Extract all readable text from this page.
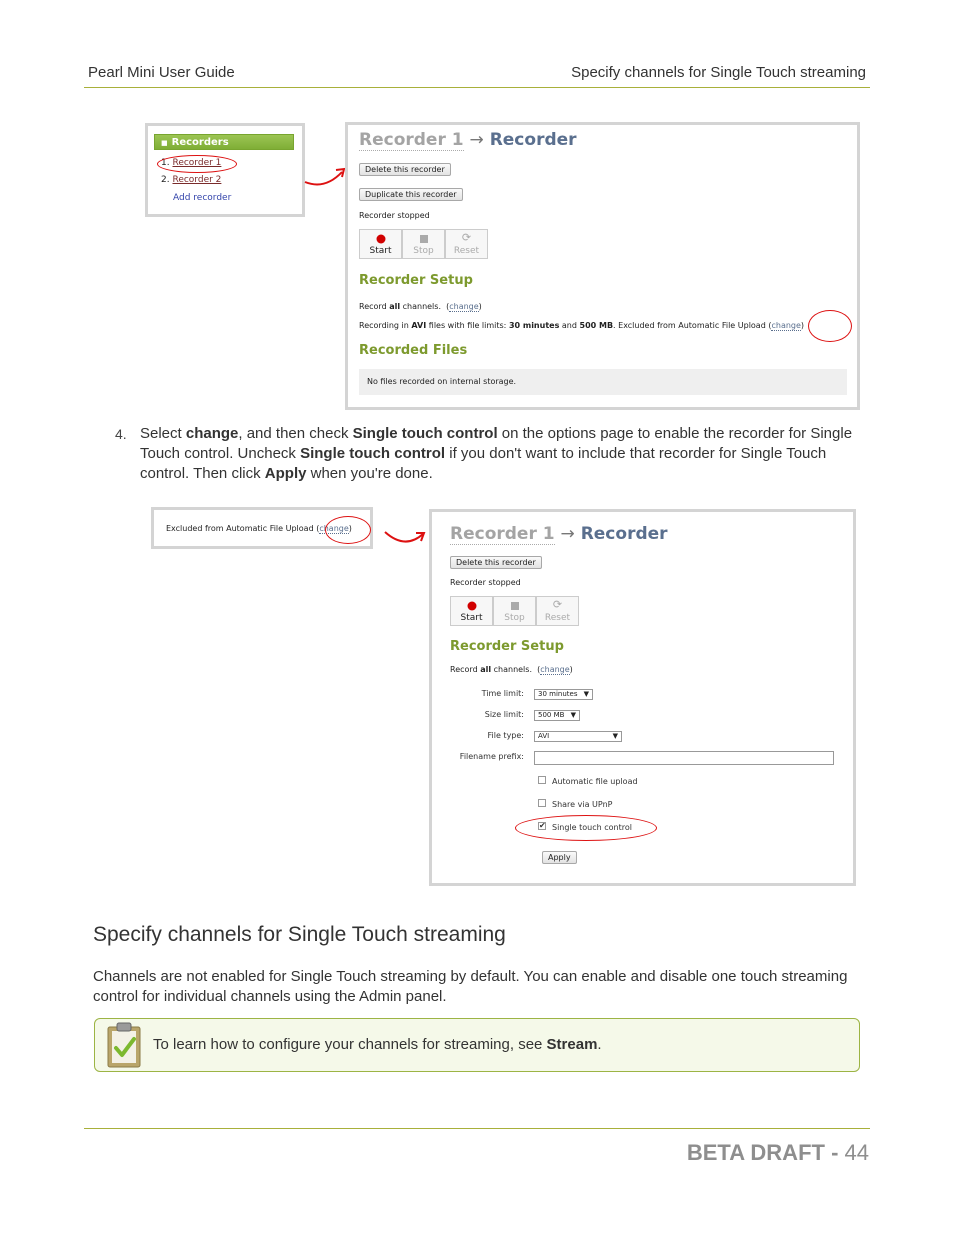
Pearl Mini User Guide	Specify channels for Single Touch streaming
■ Recorders
1. Recorder 1
2. Recorder 2
Add recorder
Recorder 1 → Recorder
Delete this recorder
Duplicate this recorder
Recorder stopped
Start	Stop
⟳
Reset
Recorder Setup
Record all channels.  (change)
Recording in AVI files with file limits: 30 minutes and 500 MB. Excluded from Automatic File Upload (change)
Recorded Files
No files recorded on internal storage.
4. Select change, and then check Single touch control on the options page to enable the recorder for Single Touch control. Uncheck Single touch control if you don't want to include that recorder for Single Touch control. Then click Apply when you're done.
Excluded from Automatic File Upload (change)	Recorder 1 → Recorder
Delete this recorder
Recorder stopped
Start	Stop
⟳
Reset
Recorder Setup
Record all channels.  (change)
Time limit:	30 minutes ▼
Size limit:	500 MB ▼
File type:	AVI	▼
Filename prefix:
Automatic file upload
Share via UPnP
✔ Single touch control
Apply
Specify channels for Single Touch streaming
Channels are not enabled for Single Touch streaming by default. You can enable and disable one touch streaming control for individual channels using the Admin panel.
To learn how to configure your channels for streaming, see Stream.
BETA DRAFT - 44
